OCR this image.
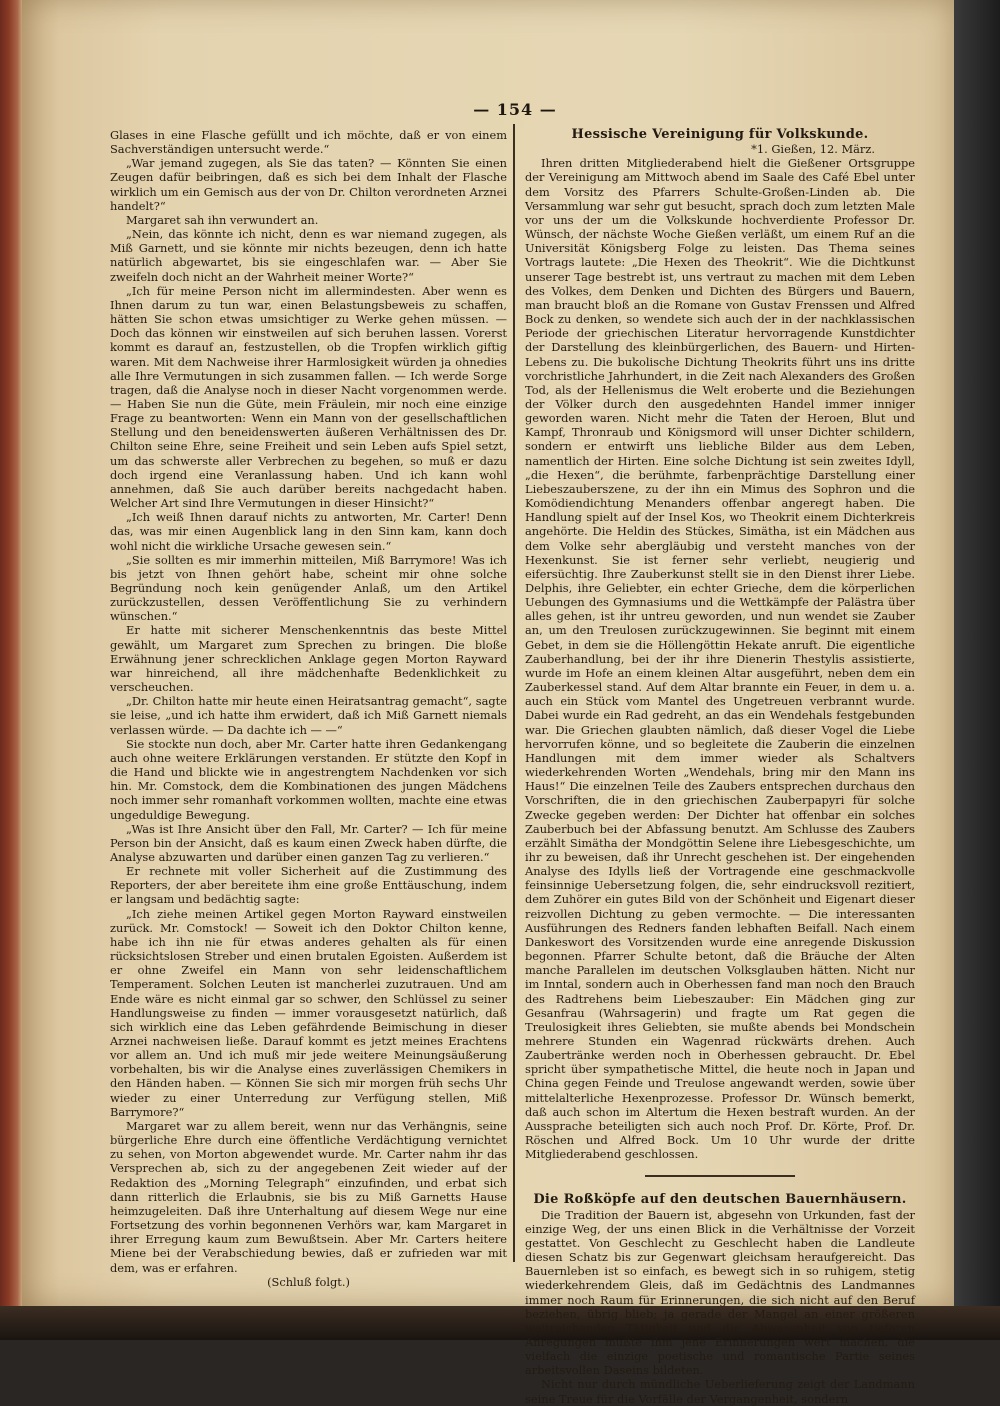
— 154 —

Glases in eine Flasche gefüllt und ich möchte, daß er von einem Sachverständigen untersucht werde.“

„War jemand zugegen, als Sie das taten? — Könnten Sie einen Zeugen dafür beibringen, daß es sich bei dem Inhalt der Flasche wirklich um ein Gemisch aus der von Dr. Chilton verordneten Arznei handelt?“

Margaret sah ihn verwundert an.

„Nein, das könnte ich nicht, denn es war niemand zugegen, als Miß Garnett, und sie könnte mir nichts bezeugen, denn ich hatte natürlich abgewartet, bis sie eingeschlafen war. — Aber Sie zweifeln doch nicht an der Wahrheit meiner Worte?“

„Ich für meine Person nicht im allermindesten. Aber wenn es Ihnen darum zu tun war, einen Belastungsbeweis zu schaffen, hätten Sie schon etwas umsichtiger zu Werke gehen müssen. — Doch das können wir einstweilen auf sich beruhen lassen. Vorerst kommt es darauf an, festzustellen, ob die Tropfen wirklich giftig waren. Mit dem Nachweise ihrer Harmlosigkeit würden ja ohnedies alle Ihre Vermutungen in sich zusammen fallen. — Ich werde Sorge tragen, daß die Analyse noch in dieser Nacht vorgenommen werde. — Haben Sie nun die Güte, mein Fräulein, mir noch eine einzige Frage zu beantworten: Wenn ein Mann von der gesellschaftlichen Stellung und den beneidenswerten äußeren Verhältnissen des Dr. Chilton seine Ehre, seine Freiheit und sein Leben aufs Spiel setzt, um das schwerste aller Verbrechen zu begehen, so muß er dazu doch irgend eine Veranlassung haben. Und ich kann wohl annehmen, daß Sie auch darüber bereits nachgedacht haben. Welcher Art sind Ihre Vermutungen in dieser Hinsicht?“

„Ich weiß Ihnen darauf nichts zu antworten, Mr. Carter! Denn das, was mir einen Augenblick lang in den Sinn kam, kann doch wohl nicht die wirkliche Ursache gewesen sein.“

„Sie sollten es mir immerhin mitteilen, Miß Barrymore! Was ich bis jetzt von Ihnen gehört habe, scheint mir ohne solche Begründung noch kein genügender Anlaß, um den Artikel zurückzustellen, dessen Veröffentlichung Sie zu verhindern wünschen.“

Er hatte mit sicherer Menschenkenntnis das beste Mittel gewählt, um Margaret zum Sprechen zu bringen. Die bloße Erwähnung jener schrecklichen Anklage gegen Morton Rayward war hinreichend, all ihre mädchenhafte Bedenklichkeit zu verscheuchen.

„Dr. Chilton hatte mir heute einen Heiratsantrag gemacht“, sagte sie leise, „und ich hatte ihm erwidert, daß ich Miß Garnett niemals verlassen würde. — Da dachte ich — —“

Sie stockte nun doch, aber Mr. Carter hatte ihren Gedankengang auch ohne weitere Erklärungen verstanden. Er stützte den Kopf in die Hand und blickte wie in angestrengtem Nachdenken vor sich hin. Mr. Comstock, dem die Kombinationen des jungen Mädchens noch immer sehr romanhaft vorkommen wollten, machte eine etwas ungeduldige Bewegung.

„Was ist Ihre Ansicht über den Fall, Mr. Carter? — Ich für meine Person bin der Ansicht, daß es kaum einen Zweck haben dürfte, die Analyse abzuwarten und darüber einen ganzen Tag zu verlieren.“

Er rechnete mit voller Sicherheit auf die Zustimmung des Reporters, der aber bereitete ihm eine große Enttäuschung, indem er langsam und bedächtig sagte:

„Ich ziehe meinen Artikel gegen Morton Rayward einstweilen zurück. Mr. Comstock! — Soweit ich den Doktor Chilton kenne, habe ich ihn nie für etwas anderes gehalten als für einen rücksichtslosen Streber und einen brutalen Egoisten. Außerdem ist er ohne Zweifel ein Mann von sehr leidenschaftlichem Temperament. Solchen Leuten ist mancherlei zuzutrauen. Und am Ende wäre es nicht einmal gar so schwer, den Schlüssel zu seiner Handlungsweise zu finden — immer vorausgesetzt natürlich, daß sich wirklich eine das Leben gefährdende Beimischung in dieser Arznei nachweisen ließe. Darauf kommt es jetzt meines Erachtens vor allem an. Und ich muß mir jede weitere Meinungsäußerung vorbehalten, bis wir die Analyse eines zuverlässigen Chemikers in den Händen haben. — Können Sie sich mir morgen früh sechs Uhr wieder zu einer Unterredung zur Verfügung stellen, Miß Barrymore?“

Margaret war zu allem bereit, wenn nur das Verhängnis, seine bürgerliche Ehre durch eine öffentliche Verdächtigung vernichtet zu sehen, von Morton abgewendet wurde. Mr. Carter nahm ihr das Versprechen ab, sich zu der angegebenen Zeit wieder auf der Redaktion des „Morning Telegraph“ einzufinden, und erbat sich dann ritterlich die Erlaubnis, sie bis zu Miß Garnetts Hause heimzugeleiten. Daß ihre Unterhaltung auf diesem Wege nur eine Fortsetzung des vorhin begonnenen Verhörs war, kam Margaret in ihrer Erregung kaum zum Bewußtsein. Aber Mr. Carters heitere Miene bei der Verabschiedung bewies, daß er zufrieden war mit dem, was er erfahren.

(Schluß folgt.)

Hessische Vereinigung für Volkskunde.

*1. Gießen, 12. März.

Ihren dritten Mitgliederabend hielt die Gießener Ortsgruppe der Vereinigung am Mittwoch abend im Saale des Café Ebel unter dem Vorsitz des Pfarrers Schulte-Großen-Linden ab. Die Versammlung war sehr gut besucht, sprach doch zum letzten Male vor uns der um die Volkskunde hochverdiente Professor Dr. Wünsch, der nächste Woche Gießen verläßt, um einem Ruf an die Universität Königsberg Folge zu leisten. Das Thema seines Vortrags lautete: „Die Hexen des Theokrit“. Wie die Dichtkunst unserer Tage bestrebt ist, uns vertraut zu machen mit dem Leben des Volkes, dem Denken und Dichten des Bürgers und Bauern, man braucht bloß an die Romane von Gustav Frenssen und Alfred Bock zu denken, so wendete sich auch der in der nachklassischen Periode der griechischen Literatur hervorragende Kunstdichter der Darstellung des kleinbürgerlichen, des Bauern- und Hirten-Lebens zu. Die bukolische Dichtung Theokrits führt uns ins dritte vorchristliche Jahrhundert, in die Zeit nach Alexanders des Großen Tod, als der Hellenismus die Welt eroberte und die Beziehungen der Völker durch den ausgedehnten Handel immer inniger geworden waren. Nicht mehr die Taten der Heroen, Blut und Kampf, Thronraub und Königsmord will unser Dichter schildern, sondern er entwirft uns liebliche Bilder aus dem Leben, namentlich der Hirten. Eine solche Dichtung ist sein zweites Idyll, „die Hexen“, die berühmte, farbenprächtige Darstellung einer Liebeszauberszene, zu der ihn ein Mimus des Sophron und die Komödiendichtung Menanders offenbar angeregt haben. Die Handlung spielt auf der Insel Kos, wo Theokrit einem Dichterkreis angehörte. Die Heldin des Stückes, Simätha, ist ein Mädchen aus dem Volke sehr abergläubig und versteht manches von der Hexenkunst. Sie ist ferner sehr verliebt, neugierig und eifersüchtig. Ihre Zauberkunst stellt sie in den Dienst ihrer Liebe. Delphis, ihre Geliebter, ein echter Grieche, dem die körperlichen Uebungen des Gymnasiums und die Wettkämpfe der Palästra über alles gehen, ist ihr untreu geworden, und nun wendet sie Zauber an, um den Treulosen zurückzugewinnen. Sie beginnt mit einem Gebet, in dem sie die Höllengöttin Hekate anruft. Die eigentliche Zauberhandlung, bei der ihr ihre Dienerin Thestylis assistierte, wurde im Hofe an einem kleinen Altar ausgeführt, neben dem ein Zauberkessel stand. Auf dem Altar brannte ein Feuer, in dem u. a. auch ein Stück vom Mantel des Ungetreuen verbrannt wurde. Dabei wurde ein Rad gedreht, an das ein Wendehals festgebunden war. Die Griechen glaubten nämlich, daß dieser Vogel die Liebe hervorrufen könne, und so begleitete die Zauberin die einzelnen Handlungen mit dem immer wieder als Schaltvers wiederkehrenden Worten „Wendehals, bring mir den Mann ins Haus!“ Die einzelnen Teile des Zaubers entsprechen durchaus den Vorschriften, die in den griechischen Zauberpapyri für solche Zwecke gegeben werden: Der Dichter hat offenbar ein solches Zauberbuch bei der Abfassung benutzt. Am Schlusse des Zaubers erzählt Simätha der Mondgöttin Selene ihre Liebesgeschichte, um ihr zu beweisen, daß ihr Unrecht geschehen ist. Der eingehenden Analyse des Idylls ließ der Vortragende eine geschmackvolle feinsinnige Uebersetzung folgen, die, sehr eindrucksvoll rezitiert, dem Zuhörer ein gutes Bild von der Schönheit und Eigenart dieser reizvollen Dichtung zu geben vermochte. — Die interessanten Ausführungen des Redners fanden lebhaften Beifall. Nach einem Dankeswort des Vorsitzenden wurde eine anregende Diskussion begonnen. Pfarrer Schulte betont, daß die Bräuche der Alten manche Parallelen im deutschen Volksglauben hätten. Nicht nur im Inntal, sondern auch in Oberhessen fand man noch den Brauch des Radtrehens beim Liebeszauber: Ein Mädchen ging zur Gesanfrau (Wahrsagerin) und fragte um Rat gegen die Treulosigkeit ihres Geliebten, sie mußte abends bei Mondschein mehrere Stunden ein Wagenrad rückwärts drehen. Auch Zaubertränke werden noch in Oberhessen gebraucht. Dr. Ebel spricht über sympathetische Mittel, die heute noch in Japan und China gegen Feinde und Treulose angewandt werden, sowie über mittelalterliche Hexenprozesse. Professor Dr. Wünsch bemerkt, daß auch schon im Altertum die Hexen bestraft wurden. An der Aussprache beteiligten sich auch noch Prof. Dr. Körte, Prof. Dr. Röschen und Alfred Bock. Um 10 Uhr wurde der dritte Mitgliederabend geschlossen.

Die Roßköpfe auf den deutschen Bauernhäusern.

Die Tradition der Bauern ist, abgesehn von Urkunden, fast der einzige Weg, der uns einen Blick in die Verhältnisse der Vorzeit gestattet. Von Geschlecht zu Geschlecht haben die Landleute diesen Schatz bis zur Gegenwart gleichsam heraufgereicht. Das Bauernleben ist so einfach, es bewegt sich in so ruhigem, stetig wiederkehrendem Gleis, daß im Gedächtnis des Landmannes immer noch Raum für Erinnerungen, die sich nicht auf den Beruf beziehen, übrig blieb; ja gerade der Mangel an einer größeren weitreichenden Tätigkeit und die Abwesenheit von tieferen Anregungen mußte ihm jene Erinnerungen wert machen, die vielfach die einzige poetische und romantische Partie seines arbeitsvollen Daseins bildeten.

Nicht nur durch mündliche Ueberlieferung zeigt der Landmann seine Treue für die Vorfälle der Vergangenheit, sondern
